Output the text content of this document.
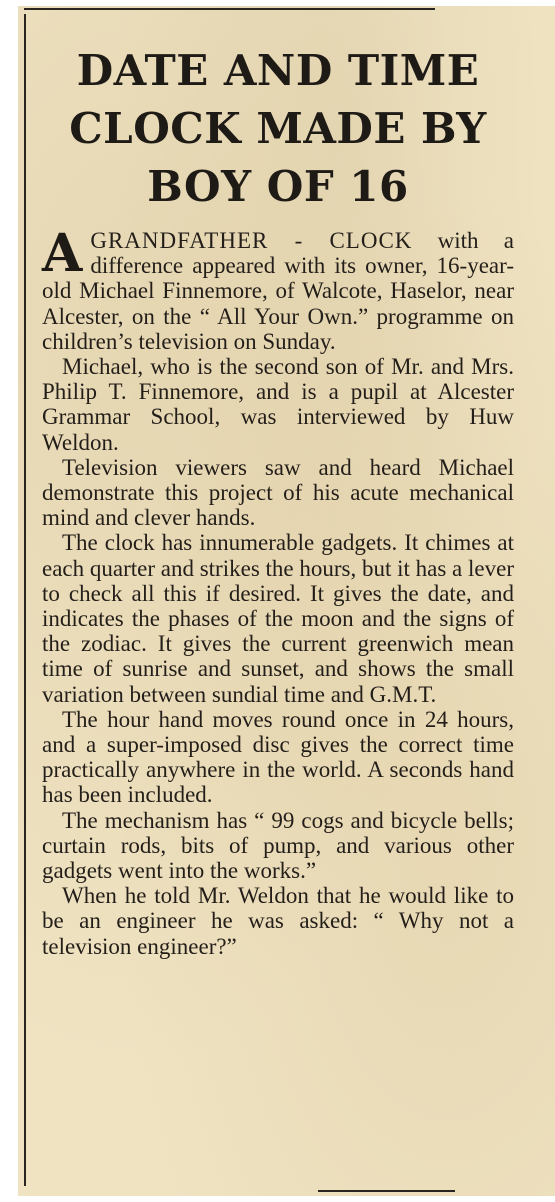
DATE AND TIME
CLOCK MADE BY
BOY OF 16

AGRANDFATHER - CLOCK with a difference appeared with its owner, 16-year-old Michael Finnemore, of Walcote, Haselor, near Alcester, on the “ All Your Own.” programme on children’s television on Sunday.

Michael, who is the second son of Mr. and Mrs. Philip T. Finnemore, and is a pupil at Alcester Grammar School, was interviewed by Huw Weldon.

Television viewers saw and heard Michael demonstrate this project of his acute mechanical mind and clever hands.

The clock has innumerable gadgets. It chimes at each quarter and strikes the hours, but it has a lever to check all this if desired. It gives the date, and indicates the phases of the moon and the signs of the zodiac. It gives the current greenwich mean time of sunrise and sunset, and shows the small variation between sundial time and G.M.T.

The hour hand moves round once in 24 hours, and a super-imposed disc gives the correct time practically anywhere in the world. A seconds hand has been included.

The mechanism has “ 99 cogs and bicycle bells; curtain rods, bits of pump, and various other gadgets went into the works.”

When he told Mr. Weldon that he would like to be an engineer he was asked: “ Why not a television engineer?”
